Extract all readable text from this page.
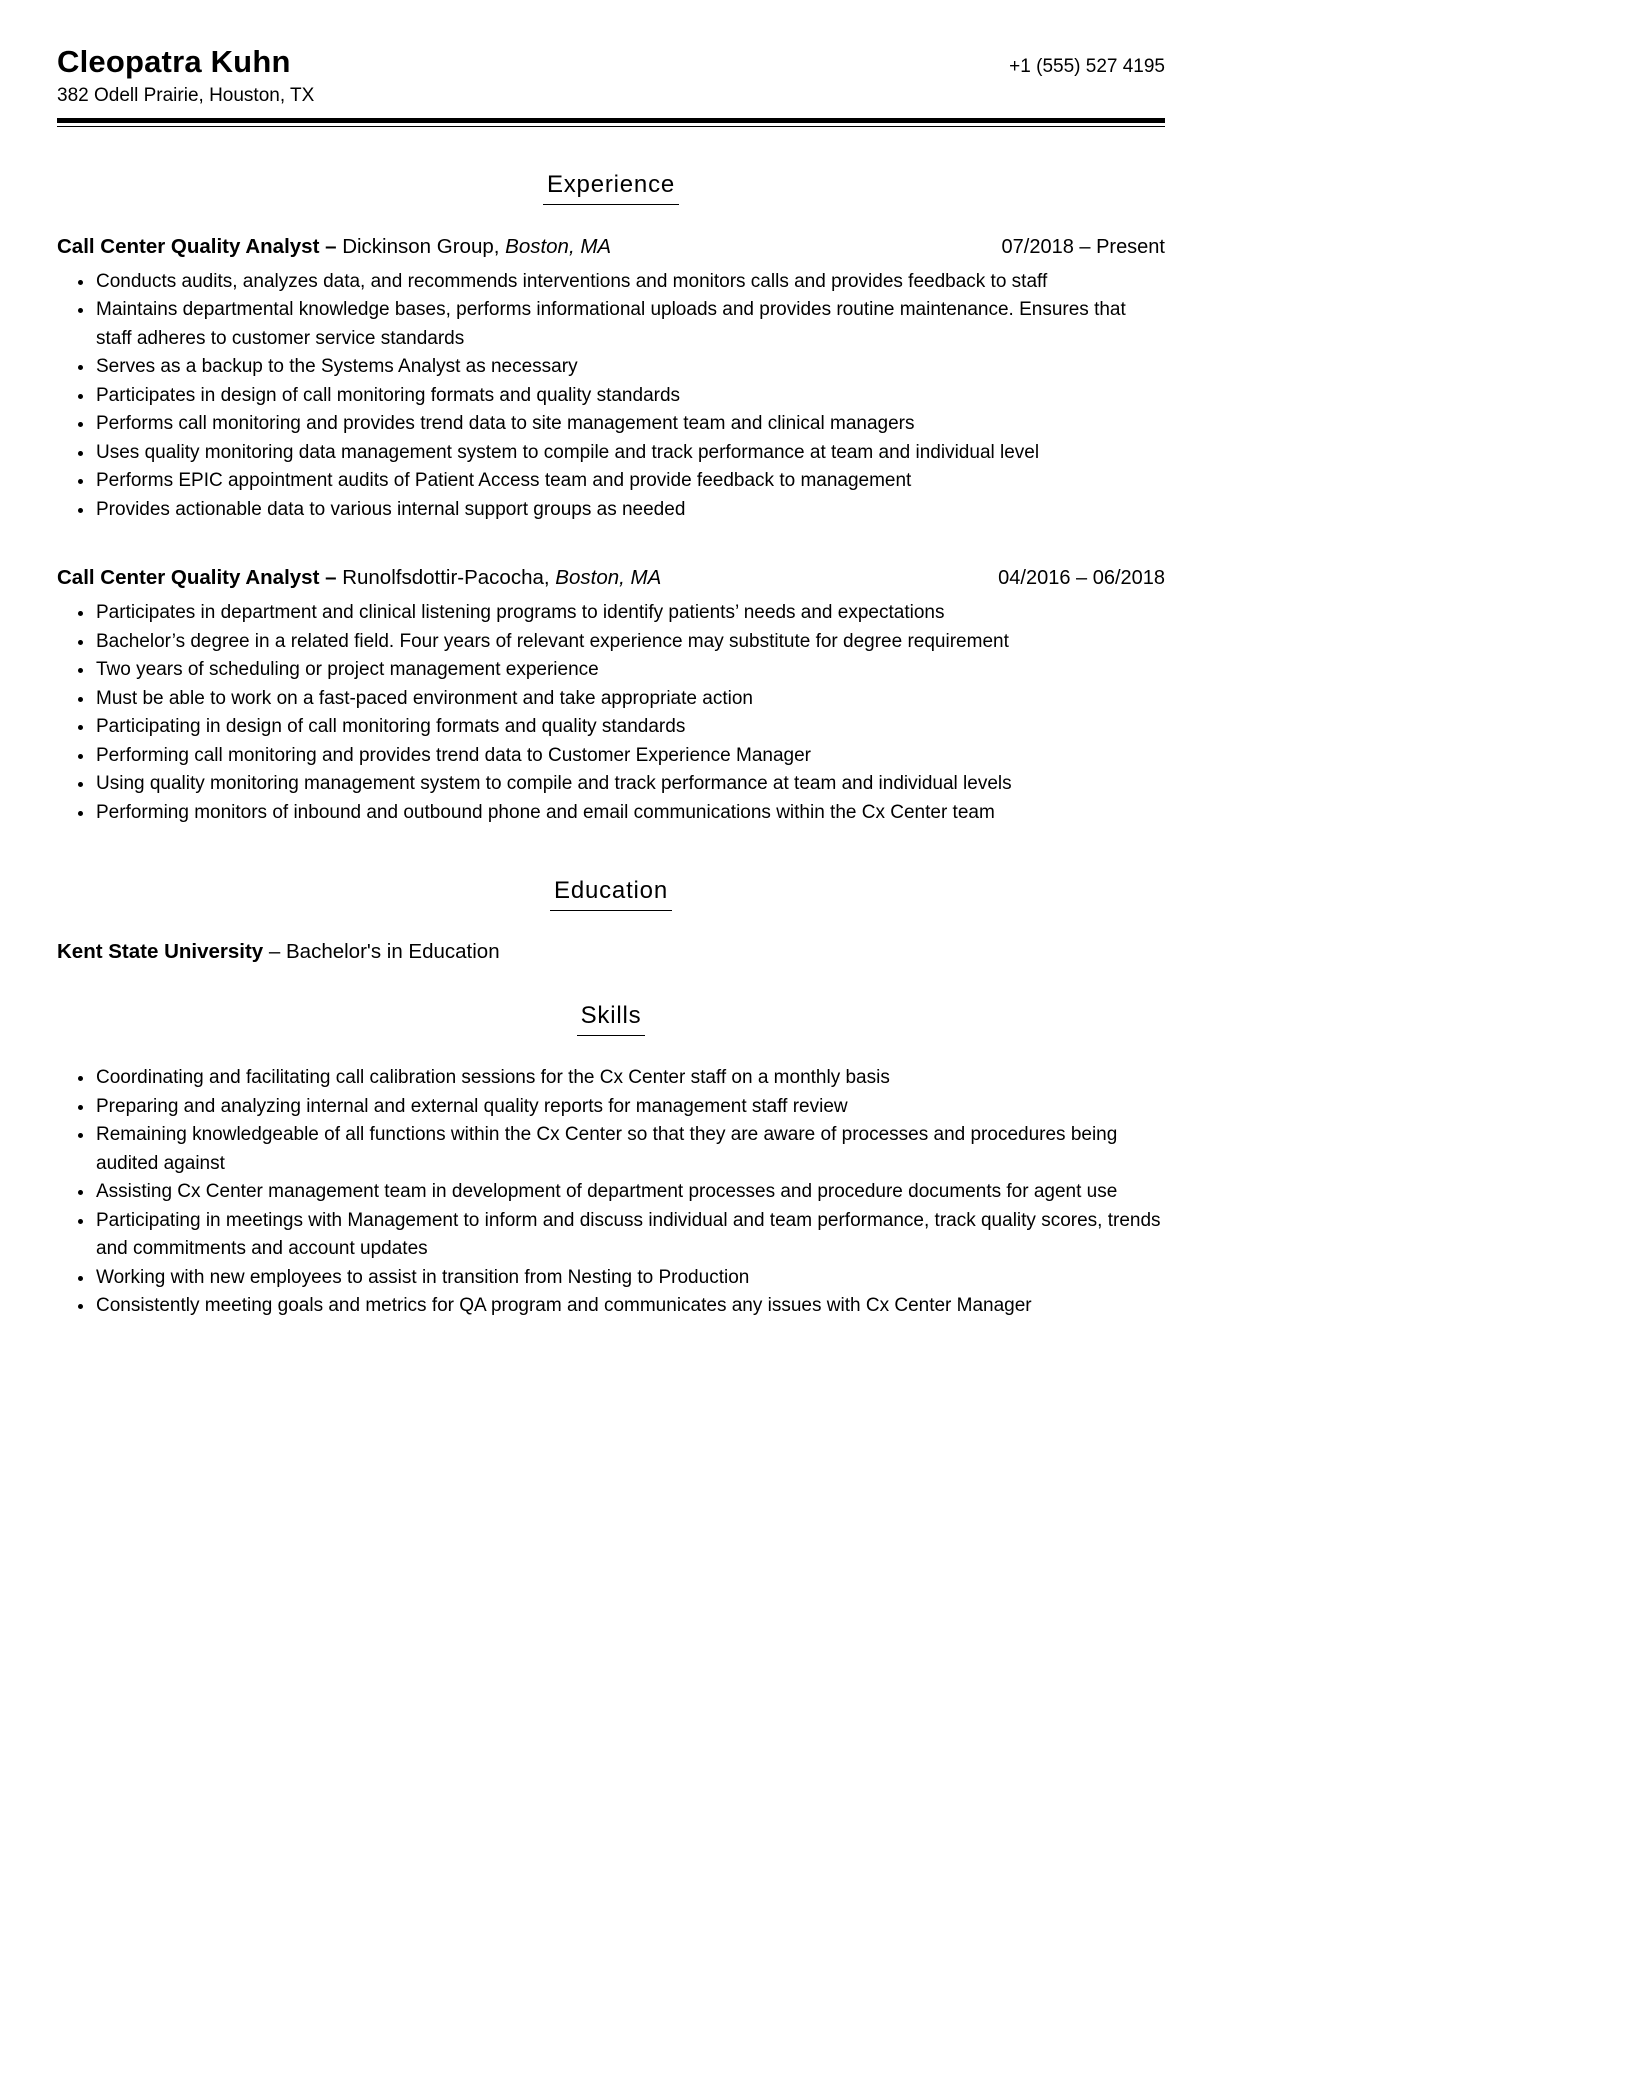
Cleopatra Kuhn
382 Odell Prairie, Houston, TX
+1 (555) 527 4195
Experience
Call Center Quality Analyst – Dickinson Group, Boston, MA	07/2018 – Present
• Conducts audits, analyzes data, and recommends interventions and monitors calls and provides feedback to staff
• Maintains departmental knowledge bases, performs informational uploads and provides routine maintenance. Ensures that staff adheres to customer service standards
• Serves as a backup to the Systems Analyst as necessary
• Participates in design of call monitoring formats and quality standards
• Performs call monitoring and provides trend data to site management team and clinical managers
• Uses quality monitoring data management system to compile and track performance at team and individual level
• Performs EPIC appointment audits of Patient Access team and provide feedback to management
• Provides actionable data to various internal support groups as needed
Call Center Quality Analyst – Runolfsdottir-Pacocha, Boston, MA	04/2016 – 06/2018
• Participates in department and clinical listening programs to identify patients’ needs and expectations
• Bachelor’s degree in a related field. Four years of relevant experience may substitute for degree requirement
• Two years of scheduling or project management experience
• Must be able to work on a fast-paced environment and take appropriate action
• Participating in design of call monitoring formats and quality standards
• Performing call monitoring and provides trend data to Customer Experience Manager
• Using quality monitoring management system to compile and track performance at team and individual levels
• Performing monitors of inbound and outbound phone and email communications within the Cx Center team
Education
Kent State University – Bachelor's in Education
Skills
• Coordinating and facilitating call calibration sessions for the Cx Center staff on a monthly basis
• Preparing and analyzing internal and external quality reports for management staff review
• Remaining knowledgeable of all functions within the Cx Center so that they are aware of processes and procedures being audited against
• Assisting Cx Center management team in development of department processes and procedure documents for agent use
• Participating in meetings with Management to inform and discuss individual and team performance, track quality scores, trends and commitments and account updates
• Working with new employees to assist in transition from Nesting to Production
• Consistently meeting goals and metrics for QA program and communicates any issues with Cx Center Manager
